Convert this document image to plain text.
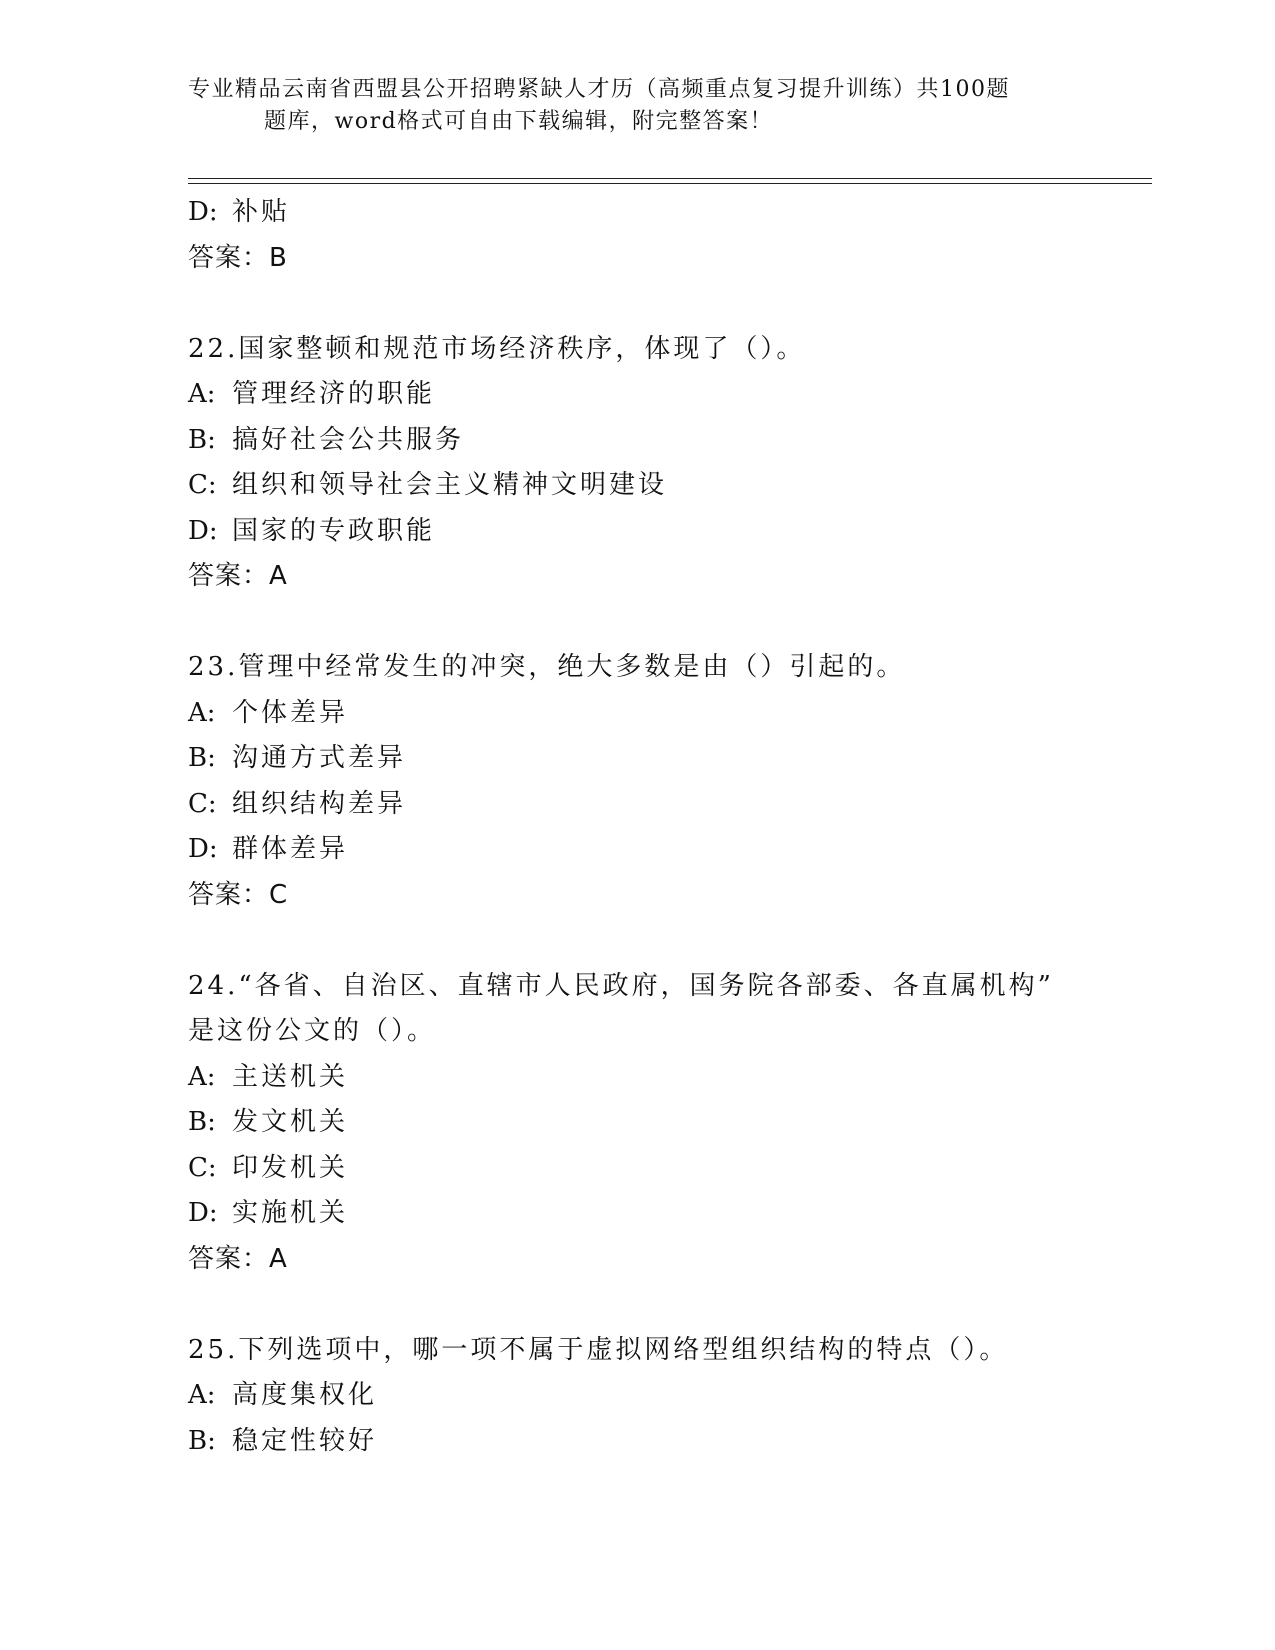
专业精品云南省西盟县公开招聘紧缺人才历（高频重点复习提升训练）共100题
题库，word格式可自由下载编辑，附完整答案！
D: 补贴
答案：B
22.国家整顿和规范市场经济秩序，体现了（）。
A: 管理经济的职能
B: 搞好社会公共服务
C: 组织和领导社会主义精神文明建设
D: 国家的专政职能
答案：A
23.管理中经常发生的冲突，绝大多数是由（）引起的。
A: 个体差异
B: 沟通方式差异
C: 组织结构差异
D: 群体差异
答案：C
24.“各省、自治区、直辖市人民政府，国务院各部委、各直属机构”
是这份公文的（）。
A: 主送机关
B: 发文机关
C: 印发机关
D: 实施机关
答案：A
25.下列选项中，哪一项不属于虚拟网络型组织结构的特点（）。
A: 高度集权化
B: 稳定性较好
